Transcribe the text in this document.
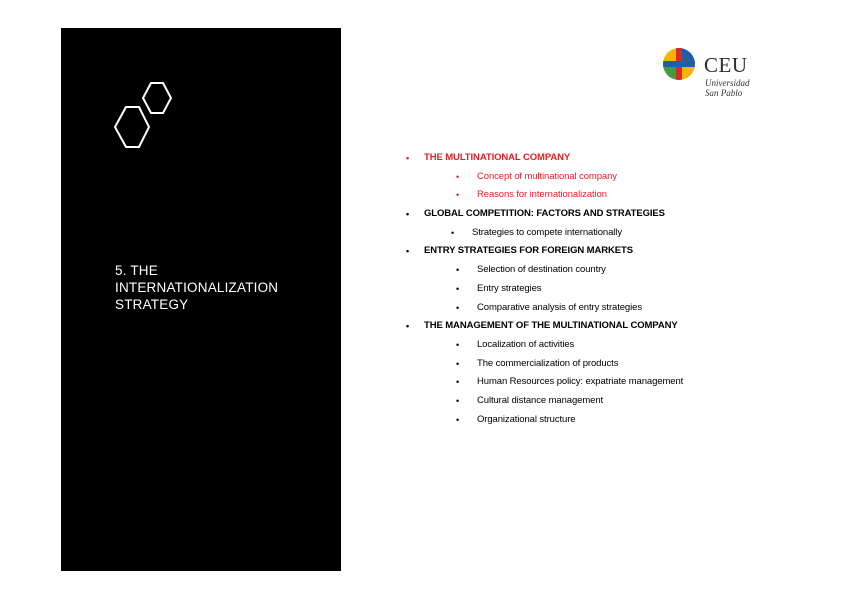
5. THE
INTERNATIONALIZATION
STRATEGY
CEU
Universidad
San Pablo
• THE MULTINATIONAL COMPANY
• Concept of multinational company
• Reasons for internationalization
• GLOBAL COMPETITION: FACTORS AND STRATEGIES
• Strategies to compete internationally
• ENTRY STRATEGIES FOR FOREIGN MARKETS
• Selection of destination country
• Entry strategies
• Comparative analysis of entry strategies
• THE MANAGEMENT OF THE MULTINATIONAL COMPANY
• Localization of activities
• The commercialization of products
• Human Resources policy: expatriate management
• Cultural distance management
• Organizational structure
